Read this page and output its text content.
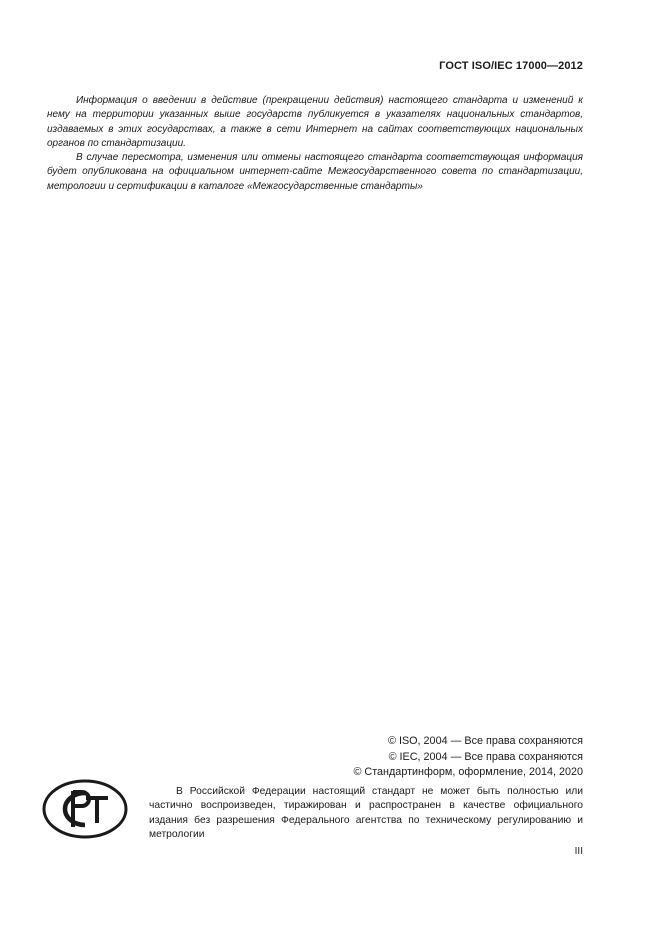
ГОСТ ISO/IEC 17000—2012

Информация о введении в действие (прекращении действия) настоящего стандарта и изменений к нему на территории указанных выше государств публикуется в указателях национальных стандартов, издаваемых в этих государствах, а также в сети Интернет на сайтах соответствующих национальных органов по стандартизации.

В случае пересмотра, изменения или отмены настоящего стандарта соответствующая информация будет опубликована на официальном интернет-сайте Межгосударственного совета по стандартизации, метрологии и сертификации в каталоге «Межгосударственные стандарты»

© ISO, 2004 — Все права сохраняются
© IEC, 2004 — Все права сохраняются
© Стандартинформ, оформление, 2014, 2020

В Российской Федерации настоящий стандарт не может быть полностью или частично воспроизведен, тиражирован и распространен в качестве официального издания без разрешения Федерального агентства по техническому регулированию и метрологии

III
